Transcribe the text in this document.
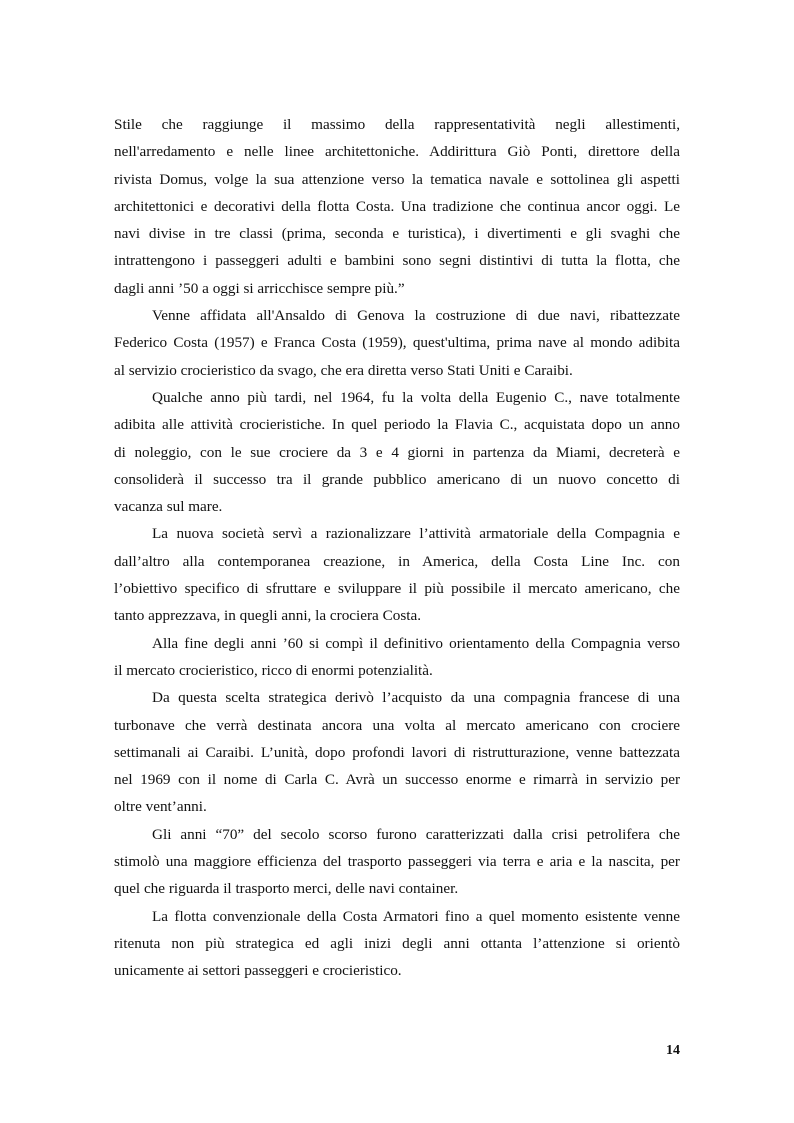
Stile che raggiunge il massimo della rappresentatività negli allestimenti,
nell'arredamento e nelle linee architettoniche. Addirittura Giò Ponti, direttore della
rivista Domus, volge la sua attenzione verso la tematica navale e sottolinea gli aspetti
architettonici e decorativi della flotta Costa. Una tradizione che continua ancor oggi. Le
navi divise in tre classi (prima, seconda e turistica), i divertimenti e gli svaghi che
intrattengono i passeggeri adulti e bambini sono segni distintivi di tutta la flotta, che
dagli anni ’50 a oggi si arricchisce sempre più.”
Venne affidata all'Ansaldo di Genova la costruzione di due navi, ribattezzate
Federico Costa (1957) e Franca Costa (1959), quest'ultima, prima nave al mondo adibita
al servizio crocieristico da svago, che era diretta verso Stati Uniti e Caraibi.
Qualche anno più tardi, nel 1964, fu la volta della Eugenio C., nave totalmente
adibita alle attività crocieristiche. In quel periodo la Flavia C., acquistata dopo un anno
di noleggio, con le sue crociere da 3 e 4 giorni in partenza da Miami, decreterà e
consoliderà il successo tra il grande pubblico americano di un nuovo concetto di
vacanza sul mare.
La nuova società servì a razionalizzare l’attività armatoriale della Compagnia e
dall’altro alla contemporanea creazione, in America, della Costa Line Inc. con
l’obiettivo specifico di sfruttare e sviluppare il più possibile il mercato americano, che
tanto apprezzava, in quegli anni, la crociera Costa.
Alla fine degli anni ’60 si compì il definitivo orientamento della Compagnia verso
il mercato crocieristico, ricco di enormi potenzialità.
Da questa scelta strategica derivò l’acquisto da una compagnia francese di una
turbonave che verrà destinata ancora una volta al mercato americano con crociere
settimanali ai Caraibi. L’unità, dopo profondi lavori di ristrutturazione, venne battezzata
nel 1969 con il nome di Carla C. Avrà un successo enorme e rimarrà in servizio per
oltre vent’anni.
Gli anni “70” del secolo scorso furono caratterizzati dalla crisi petrolifera che
stimolò una maggiore efficienza del trasporto passeggeri via terra e aria e la nascita, per
quel che riguarda il trasporto merci, delle navi container.
La flotta convenzionale della Costa Armatori fino a quel momento esistente venne
ritenuta non più strategica ed agli inizi degli anni ottanta l’attenzione si orientò
unicamente ai settori passeggeri e crocieristico.
14
